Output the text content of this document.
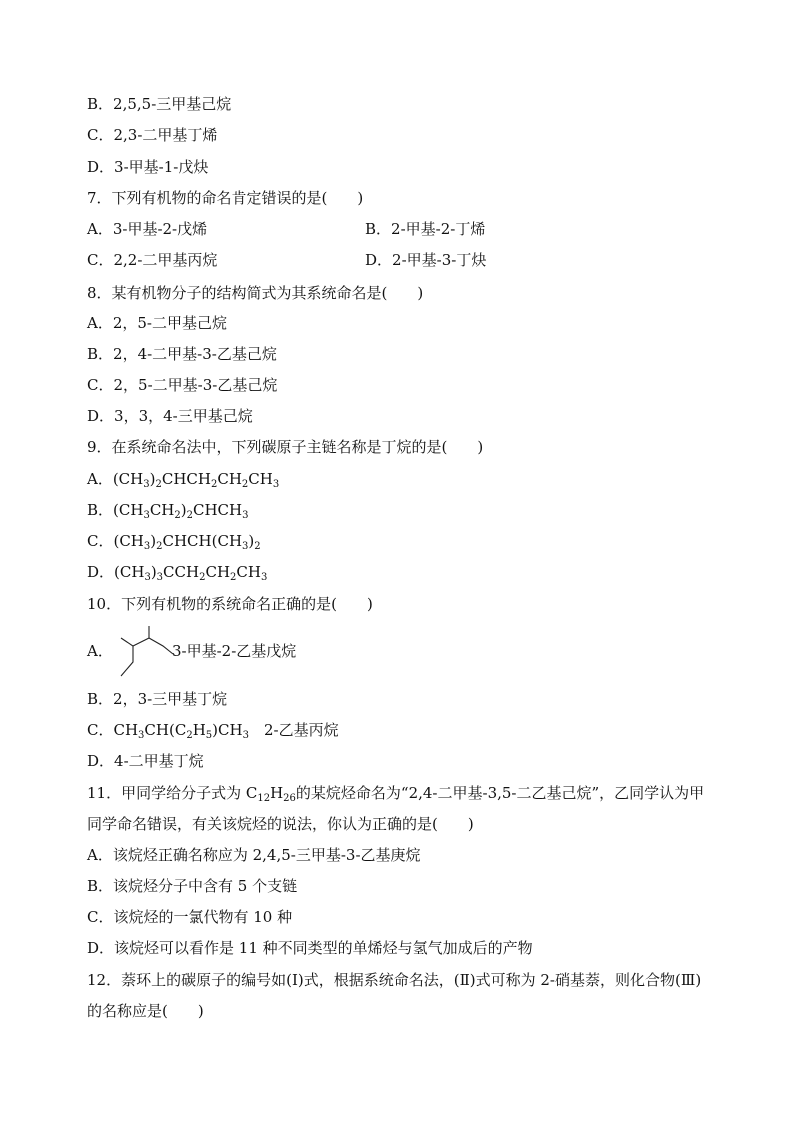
B．2,5,5-三甲基己烷
C．2,3-二甲基丁烯
D．3-甲基-1-戊炔
7．下列有机物的命名肯定错误的是(　　)
A．3-甲基-2-戊烯	B．2-甲基-2-丁烯
C．2,2-二甲基丙烷	D．2-甲基-3-丁炔
8．某有机物分子的结构简式为其系统命名是(　　)
A．2，5-二甲基己烷
B．2，4-二甲基-3-乙基己烷
C．2，5-二甲基-3-乙基己烷
D．3，3，4-三甲基己烷
9．在系统命名法中，下列碳原子主链名称是丁烷的是(　　)
A．$(CH_3)_2CHCH_2CH_2CH_3$
B．$(CH_3CH_2)_2CHCH_3$
C．$(CH_3)_2CHCH(CH_3)_2$
D．$(CH_3)_3CCH_2CH_2CH_3$
10．下列有机物的系统命名正确的是(　　)
A．	3-甲基-2-乙基戊烷
B．2，3-三甲基丁烷
C．$CH_3CH(C_2H_5)CH_3$　 2-乙基丙烷
D．4-二甲基丁烷
11．甲同学给分子式为 $C_{12}H_{26}$的某烷烃命名为“2,4-二甲基-3,5-二乙基己烷”，乙同学认为甲
同学命名错误，有关该烷烃的说法，你认为正确的是(　　)
A．该烷烃正确名称应为 2,4,5-三甲基-3-乙基庚烷
B．该烷烃分子中含有 5 个支链
C．该烷烃的一氯代物有 10 种
D．该烷烃可以看作是 11 种不同类型的单烯烃与氢气加成后的产物
12．萘环上的碳原子的编号如(Ⅰ)式，根据系统命名法，(Ⅱ)式可称为 2-硝基萘，则化合物(Ⅲ)
的名称应是(　　)
